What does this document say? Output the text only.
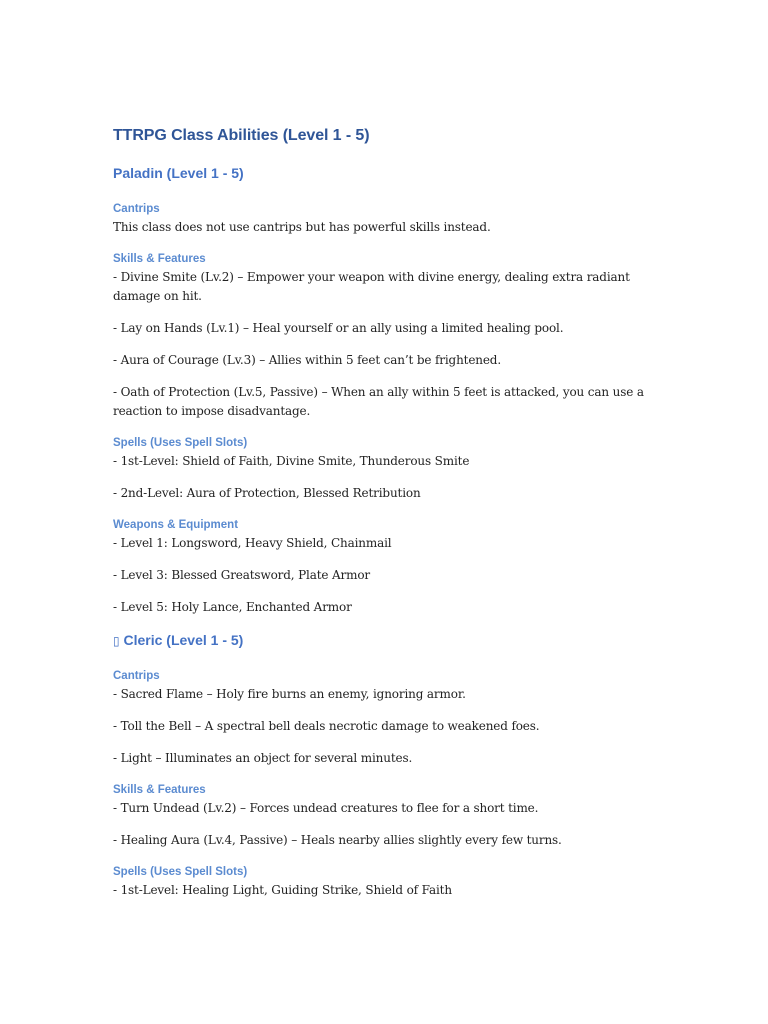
TTRPG Class Abilities (Level 1 - 5)
Paladin (Level 1 - 5)
Cantrips

This class does not use cantrips but has powerful skills instead.

Skills & Features

- Divine Smite (Lv.2) – Empower your weapon with divine energy, dealing extra radiant damage on hit.

- Lay on Hands (Lv.1) – Heal yourself or an ally using a limited healing pool.

- Aura of Courage (Lv.3) – Allies within 5 feet can’t be frightened.

- Oath of Protection (Lv.5, Passive) – When an ally within 5 feet is attacked, you can use a reaction to impose disadvantage.

Spells (Uses Spell Slots)

- 1st-Level: Shield of Faith, Divine Smite, Thunderous Smite

- 2nd-Level: Aura of Protection, Blessed Retribution

Weapons & Equipment

- Level 1: Longsword, Heavy Shield, Chainmail

- Level 3: Blessed Greatsword, Plate Armor

- Level 5: Holy Lance, Enchanted Armor

▯ Cleric (Level 1 - 5)
Cantrips

- Sacred Flame – Holy fire burns an enemy, ignoring armor.

- Toll the Bell – A spectral bell deals necrotic damage to weakened foes.

- Light – Illuminates an object for several minutes.

Skills & Features

- Turn Undead (Lv.2) – Forces undead creatures to flee for a short time.

- Healing Aura (Lv.4, Passive) – Heals nearby allies slightly every few turns.

Spells (Uses Spell Slots)

- 1st-Level: Healing Light, Guiding Strike, Shield of Faith
